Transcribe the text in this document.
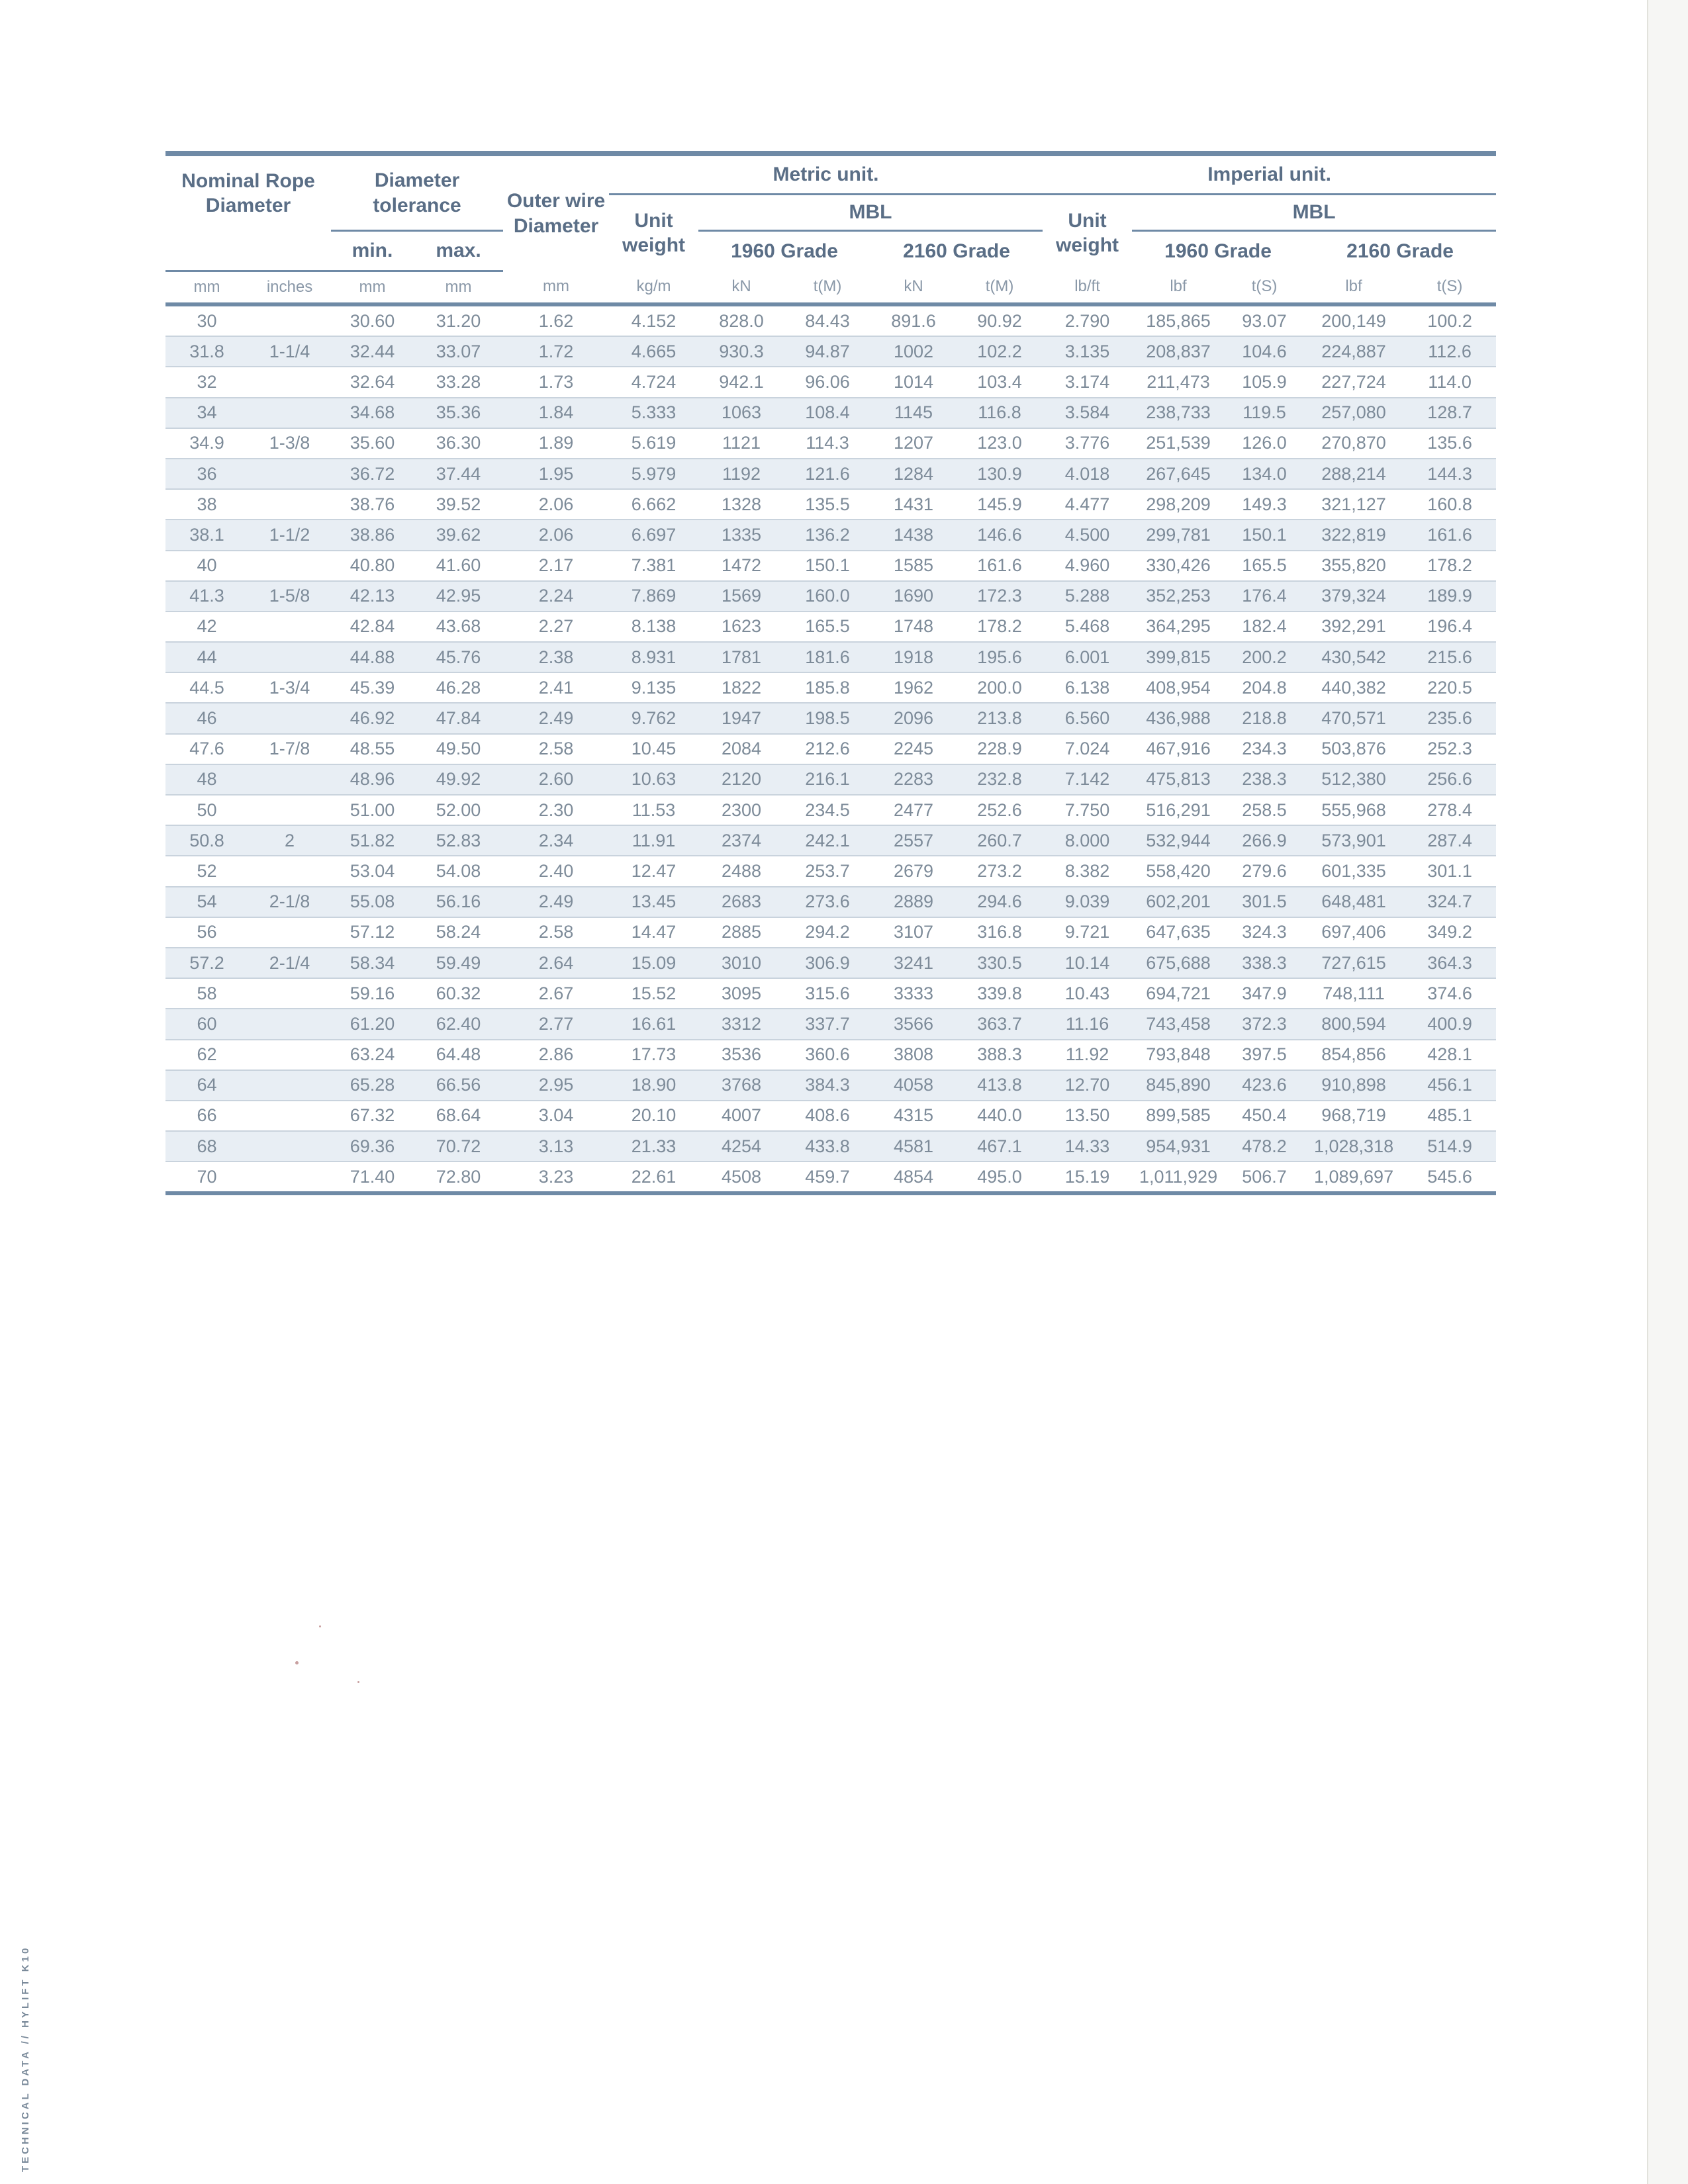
Nominal Rope Diameter		Diameter tolerance		Outer wire Diameter	Metric unit.					Imperial unit.				
					Unit weight	MBL				Unit weight	MBL			
		min.	max.			1960 Grade		2160 Grade			1960 Grade		2160 Grade	
mm	inches	mm	mm	mm	kg/m	kN	t(M)	kN	t(M)	lb/ft	lbf	t(S)	lbf	t(S)
30		30.60	31.20	1.62	4.152	828.0	84.43	891.6	90.92	2.790	185,865	93.07	200,149	100.2
31.8	1-1/4	32.44	33.07	1.72	4.665	930.3	94.87	1002	102.2	3.135	208,837	104.6	224,887	112.6
32		32.64	33.28	1.73	4.724	942.1	96.06	1014	103.4	3.174	211,473	105.9	227,724	114.0
34		34.68	35.36	1.84	5.333	1063	108.4	1145	116.8	3.584	238,733	119.5	257,080	128.7
34.9	1-3/8	35.60	36.30	1.89	5.619	1121	114.3	1207	123.0	3.776	251,539	126.0	270,870	135.6
36		36.72	37.44	1.95	5.979	1192	121.6	1284	130.9	4.018	267,645	134.0	288,214	144.3
38		38.76	39.52	2.06	6.662	1328	135.5	1431	145.9	4.477	298,209	149.3	321,127	160.8
38.1	1-1/2	38.86	39.62	2.06	6.697	1335	136.2	1438	146.6	4.500	299,781	150.1	322,819	161.6
40		40.80	41.60	2.17	7.381	1472	150.1	1585	161.6	4.960	330,426	165.5	355,820	178.2
41.3	1-5/8	42.13	42.95	2.24	7.869	1569	160.0	1690	172.3	5.288	352,253	176.4	379,324	189.9
42		42.84	43.68	2.27	8.138	1623	165.5	1748	178.2	5.468	364,295	182.4	392,291	196.4
44		44.88	45.76	2.38	8.931	1781	181.6	1918	195.6	6.001	399,815	200.2	430,542	215.6
44.5	1-3/4	45.39	46.28	2.41	9.135	1822	185.8	1962	200.0	6.138	408,954	204.8	440,382	220.5
46		46.92	47.84	2.49	9.762	1947	198.5	2096	213.8	6.560	436,988	218.8	470,571	235.6
47.6	1-7/8	48.55	49.50	2.58	10.45	2084	212.6	2245	228.9	7.024	467,916	234.3	503,876	252.3
48		48.96	49.92	2.60	10.63	2120	216.1	2283	232.8	7.142	475,813	238.3	512,380	256.6
50		51.00	52.00	2.30	11.53	2300	234.5	2477	252.6	7.750	516,291	258.5	555,968	278.4
50.8	2	51.82	52.83	2.34	11.91	2374	242.1	2557	260.7	8.000	532,944	266.9	573,901	287.4
52		53.04	54.08	2.40	12.47	2488	253.7	2679	273.2	8.382	558,420	279.6	601,335	301.1
54	2-1/8	55.08	56.16	2.49	13.45	2683	273.6	2889	294.6	9.039	602,201	301.5	648,481	324.7
56		57.12	58.24	2.58	14.47	2885	294.2	3107	316.8	9.721	647,635	324.3	697,406	349.2
57.2	2-1/4	58.34	59.49	2.64	15.09	3010	306.9	3241	330.5	10.14	675,688	338.3	727,615	364.3
58		59.16	60.32	2.67	15.52	3095	315.6	3333	339.8	10.43	694,721	347.9	748,111	374.6
60		61.20	62.40	2.77	16.61	3312	337.7	3566	363.7	11.16	743,458	372.3	800,594	400.9
62		63.24	64.48	2.86	17.73	3536	360.6	3808	388.3	11.92	793,848	397.5	854,856	428.1
64		65.28	66.56	2.95	18.90	3768	384.3	4058	413.8	12.70	845,890	423.6	910,898	456.1
66		67.32	68.64	3.04	20.10	4007	408.6	4315	440.0	13.50	899,585	450.4	968,719	485.1
68		69.36	70.72	3.13	21.33	4254	433.8	4581	467.1	14.33	954,931	478.2	1,028,318	514.9
70		71.40	72.80	3.23	22.61	4508	459.7	4854	495.0	15.19	1,011,929	506.7	1,089,697	545.6
TECHNICAL DATA // HYLIFT K10
